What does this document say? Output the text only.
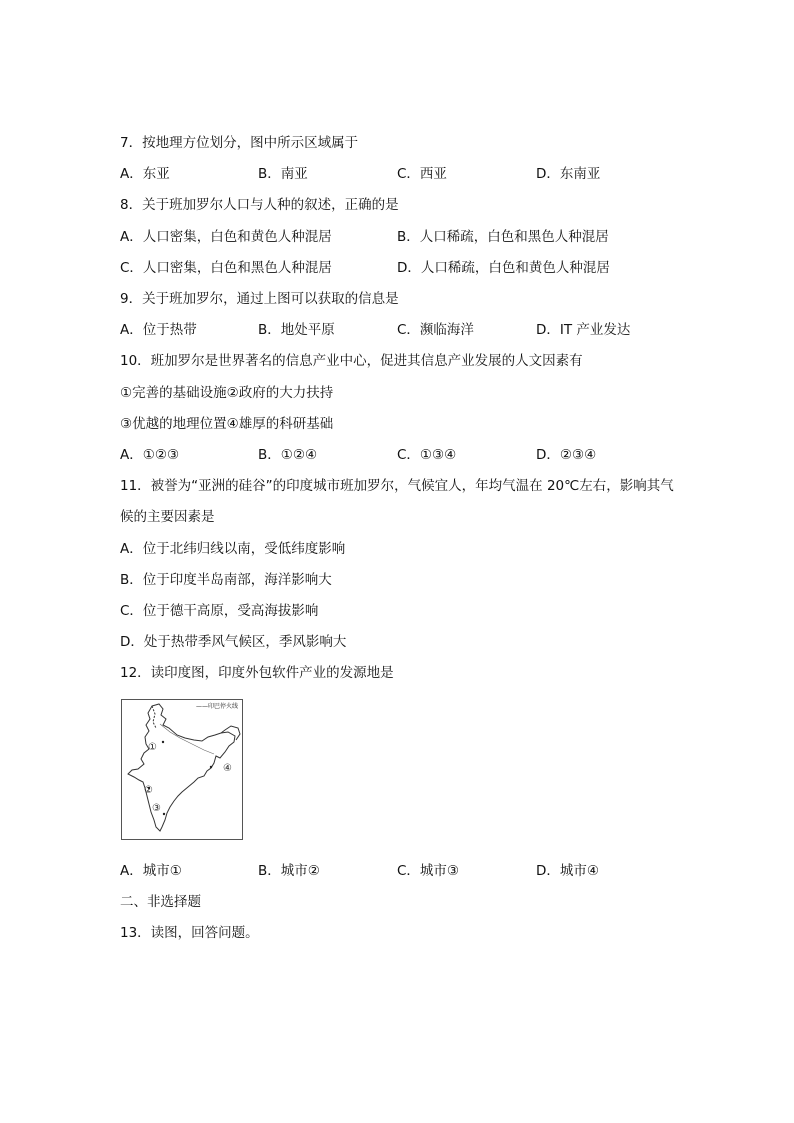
7．按地理方位划分，图中所示区域属于
A．东亚	B．南亚	C．西亚	D．东南亚
8．关于班加罗尔人口与人种的叙述，正确的是
A．人口密集，白色和黄色人种混居	B．人口稀疏，白色和黑色人种混居
C．人口密集，白色和黑色人种混居	D．人口稀疏，白色和黄色人种混居
9．关于班加罗尔，通过上图可以获取的信息是
A．位于热带	B．地处平原	C．濒临海洋	D．IT 产业发达
10．班加罗尔是世界著名的信息产业中心，促进其信息产业发展的人文因素有
①完善的基础设施②政府的大力扶持
③优越的地理位置④雄厚的科研基础
A．①②③	B．①②④	C．①③④	D．②③④
11．被誉为“亚洲的硅谷”的印度城市班加罗尔，气候宜人，年均气温在 20℃左右，影响其气
候的主要因素是
A．位于北纬归线以南，受低纬度影响
B．位于印度半岛南部，海洋影响大
C．位于德干高原，受高海拔影响
D．处于热带季风气候区，季风影响大
12．读印度图，印度外包软件产业的发源地是
——印巴停火线
①
②
③
④
A．城市①	B．城市②	C．城市③	D．城市④
二、非选择题
13．读图，回答问题。
